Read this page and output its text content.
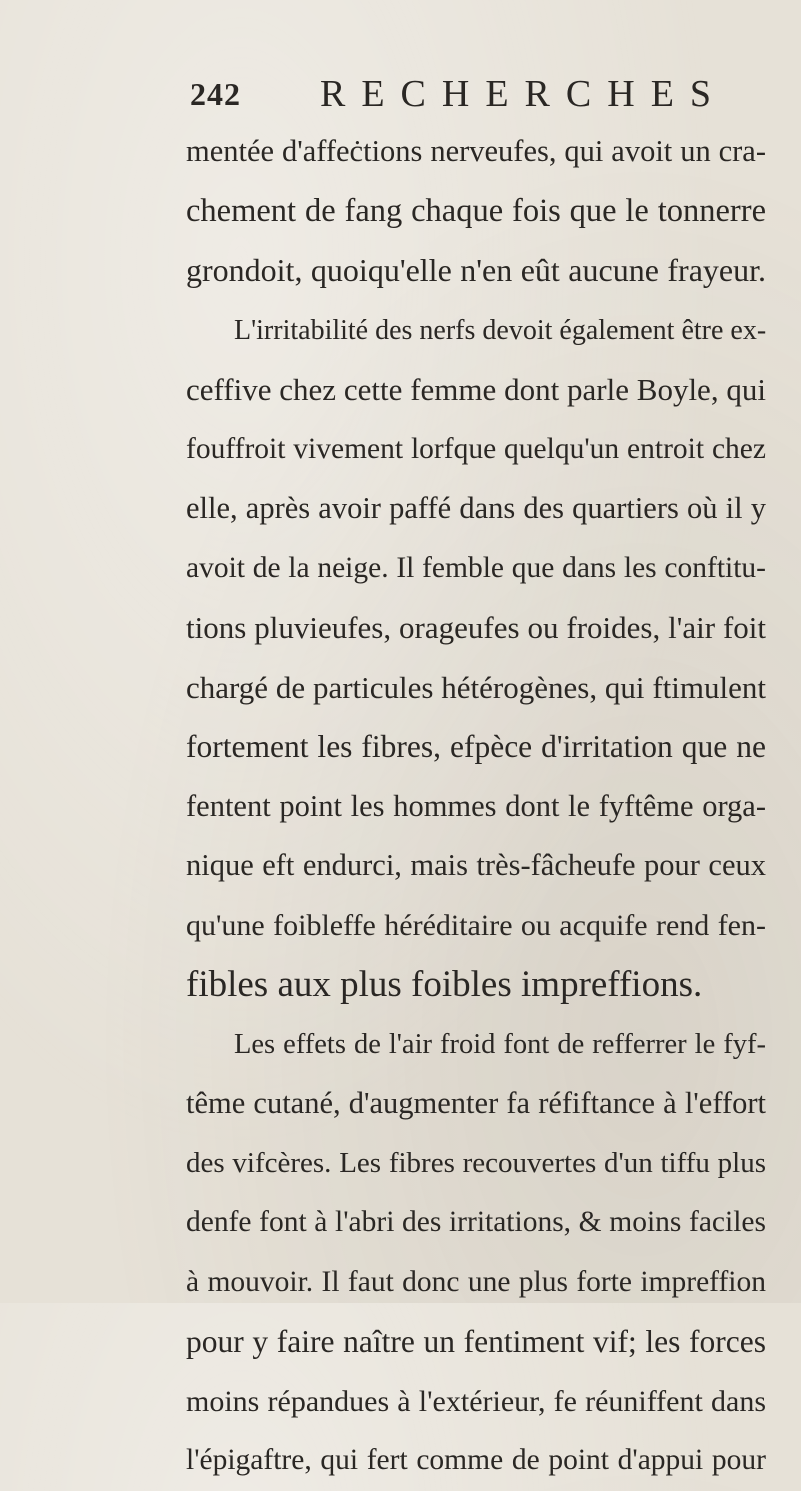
242 RECHERCHES
mentée d'affeċtions nerveufes, qui avoit un cra-
chement de fang chaque fois que le tonnerre
grondoit, quoiqu'elle n'en eût aucune frayeur.
L'irritabilité des nerfs devoit également être ex-
ceffive chez cette femme dont parle Boyle, qui
fouffroit vivement lorfque quelqu'un entroit chez
elle, après avoir paffé dans des quartiers où il y
avoit de la neige. Il femble que dans les conftitu-
tions pluvieufes, orageufes ou froides, l'air foit
chargé de particules hétérogènes, qui ftimulent
fortement les fibres, efpèce d'irritation que ne
fentent point les hommes dont le fyftême orga-
nique eft endurci, mais très-fâcheufe pour ceux
qu'une foibleffe héréditaire ou acquife rend fen-
fibles aux plus foibles impreffions.
Les effets de l'air froid font de refferrer le fyf-
tême cutané, d'augmenter fa réfiftance à l'effort
des vifcères. Les fibres recouvertes d'un tiffu plus
denfe font à l'abri des irritations, & moins faciles
à mouvoir. Il faut donc une plus forte impreffion
pour y faire naître un fentiment vif; les forces
moins répandues à l'extérieur, fe réuniffent dans
l'épigaftre, qui fert comme de point d'appui pour
